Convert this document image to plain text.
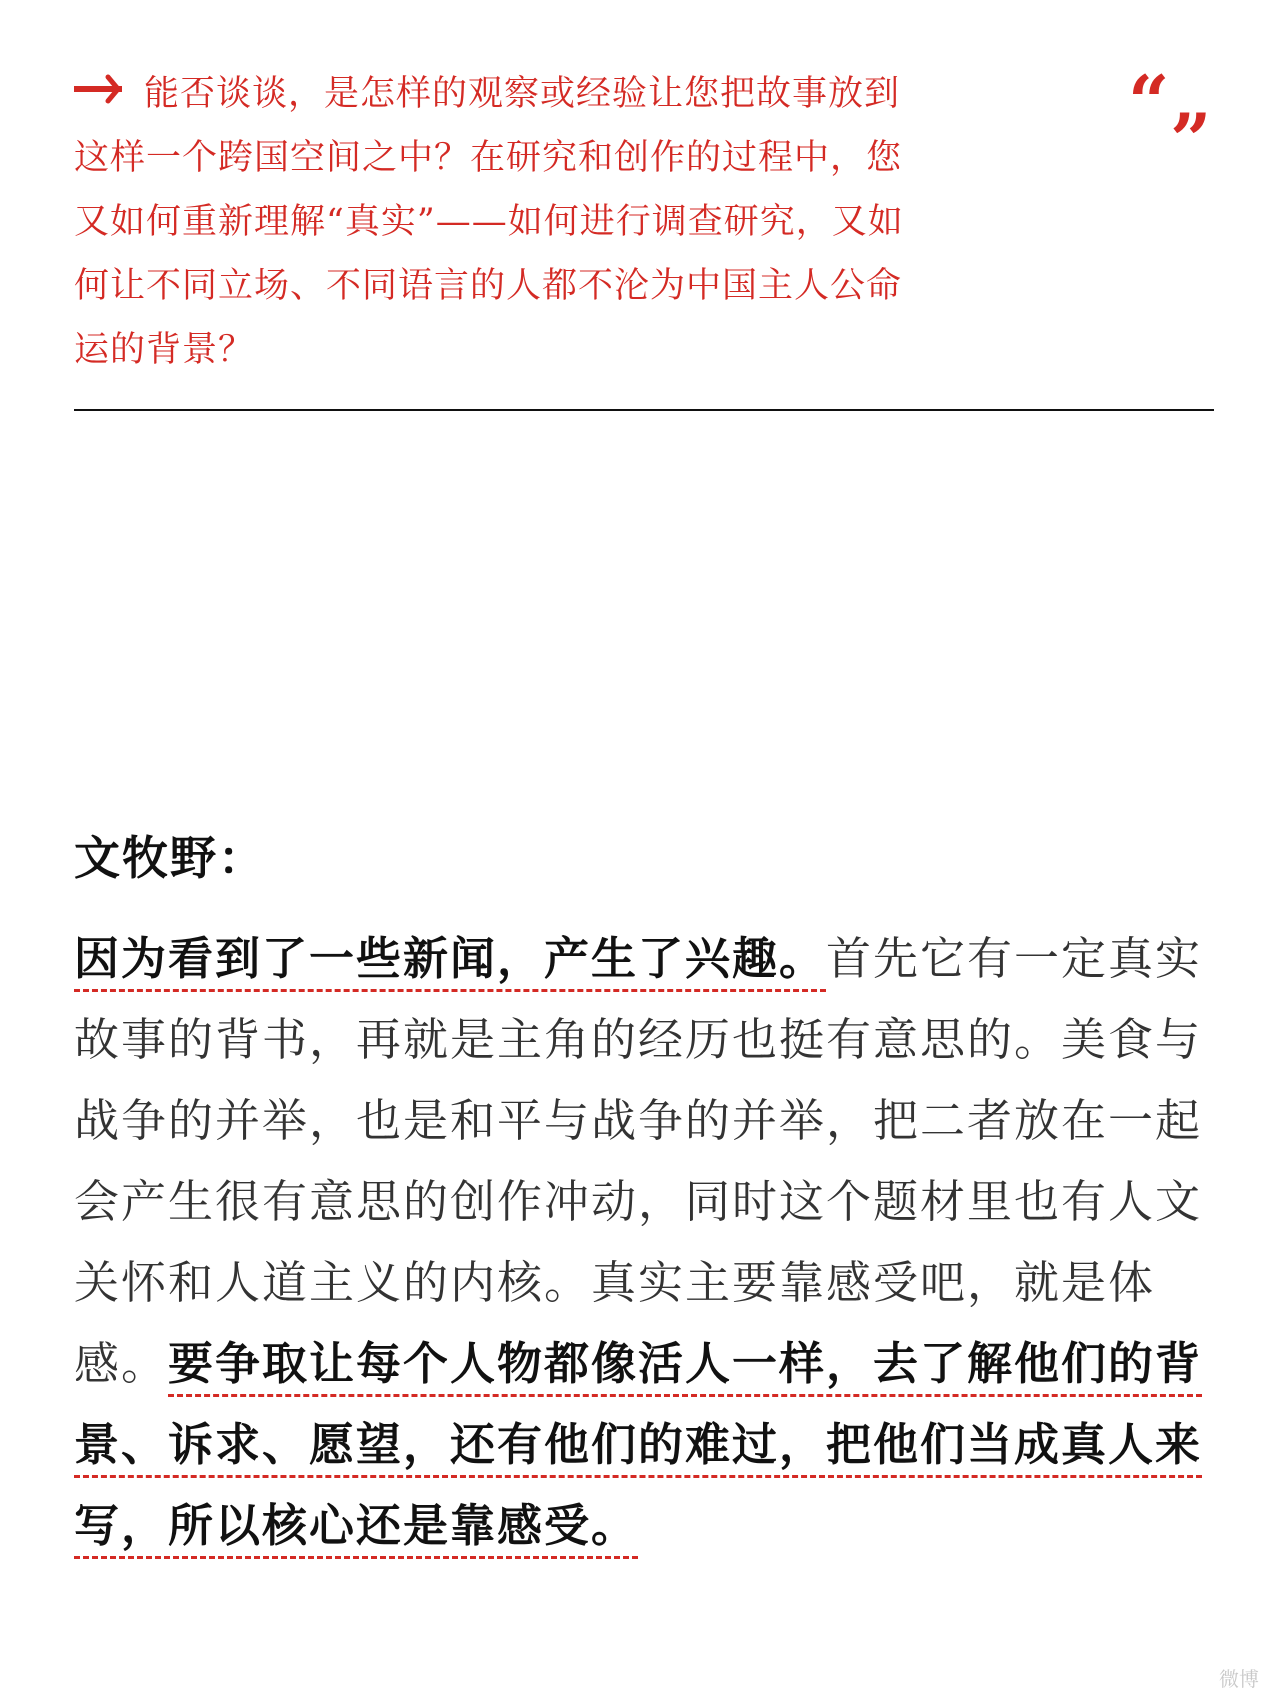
能否谈谈，是怎样的观察或经验让您把故事放到这样一个跨国空间之中？在研究和创作的过程中，您又如何重新理解“真实”——如何进行调查研究，又如何让不同立场、不同语言的人都不沦为中国主人公命运的背景？
“ ”
文牧野：
因为看到了一些新闻，产生了兴趣。首先它有一定真实故事的背书，再就是主角的经历也挺有意思的。美食与战争的并举，也是和平与战争的并举，把二者放在一起会产生很有意思的创作冲动，同时这个题材里也有人文关怀和人道主义的内核。真实主要靠感受吧，就是体感。要争取让每个人物都像活人一样，去了解他们的背景、诉求、愿望，还有他们的难过，把他们当成真人来写，所以核心还是靠感受。
微博
